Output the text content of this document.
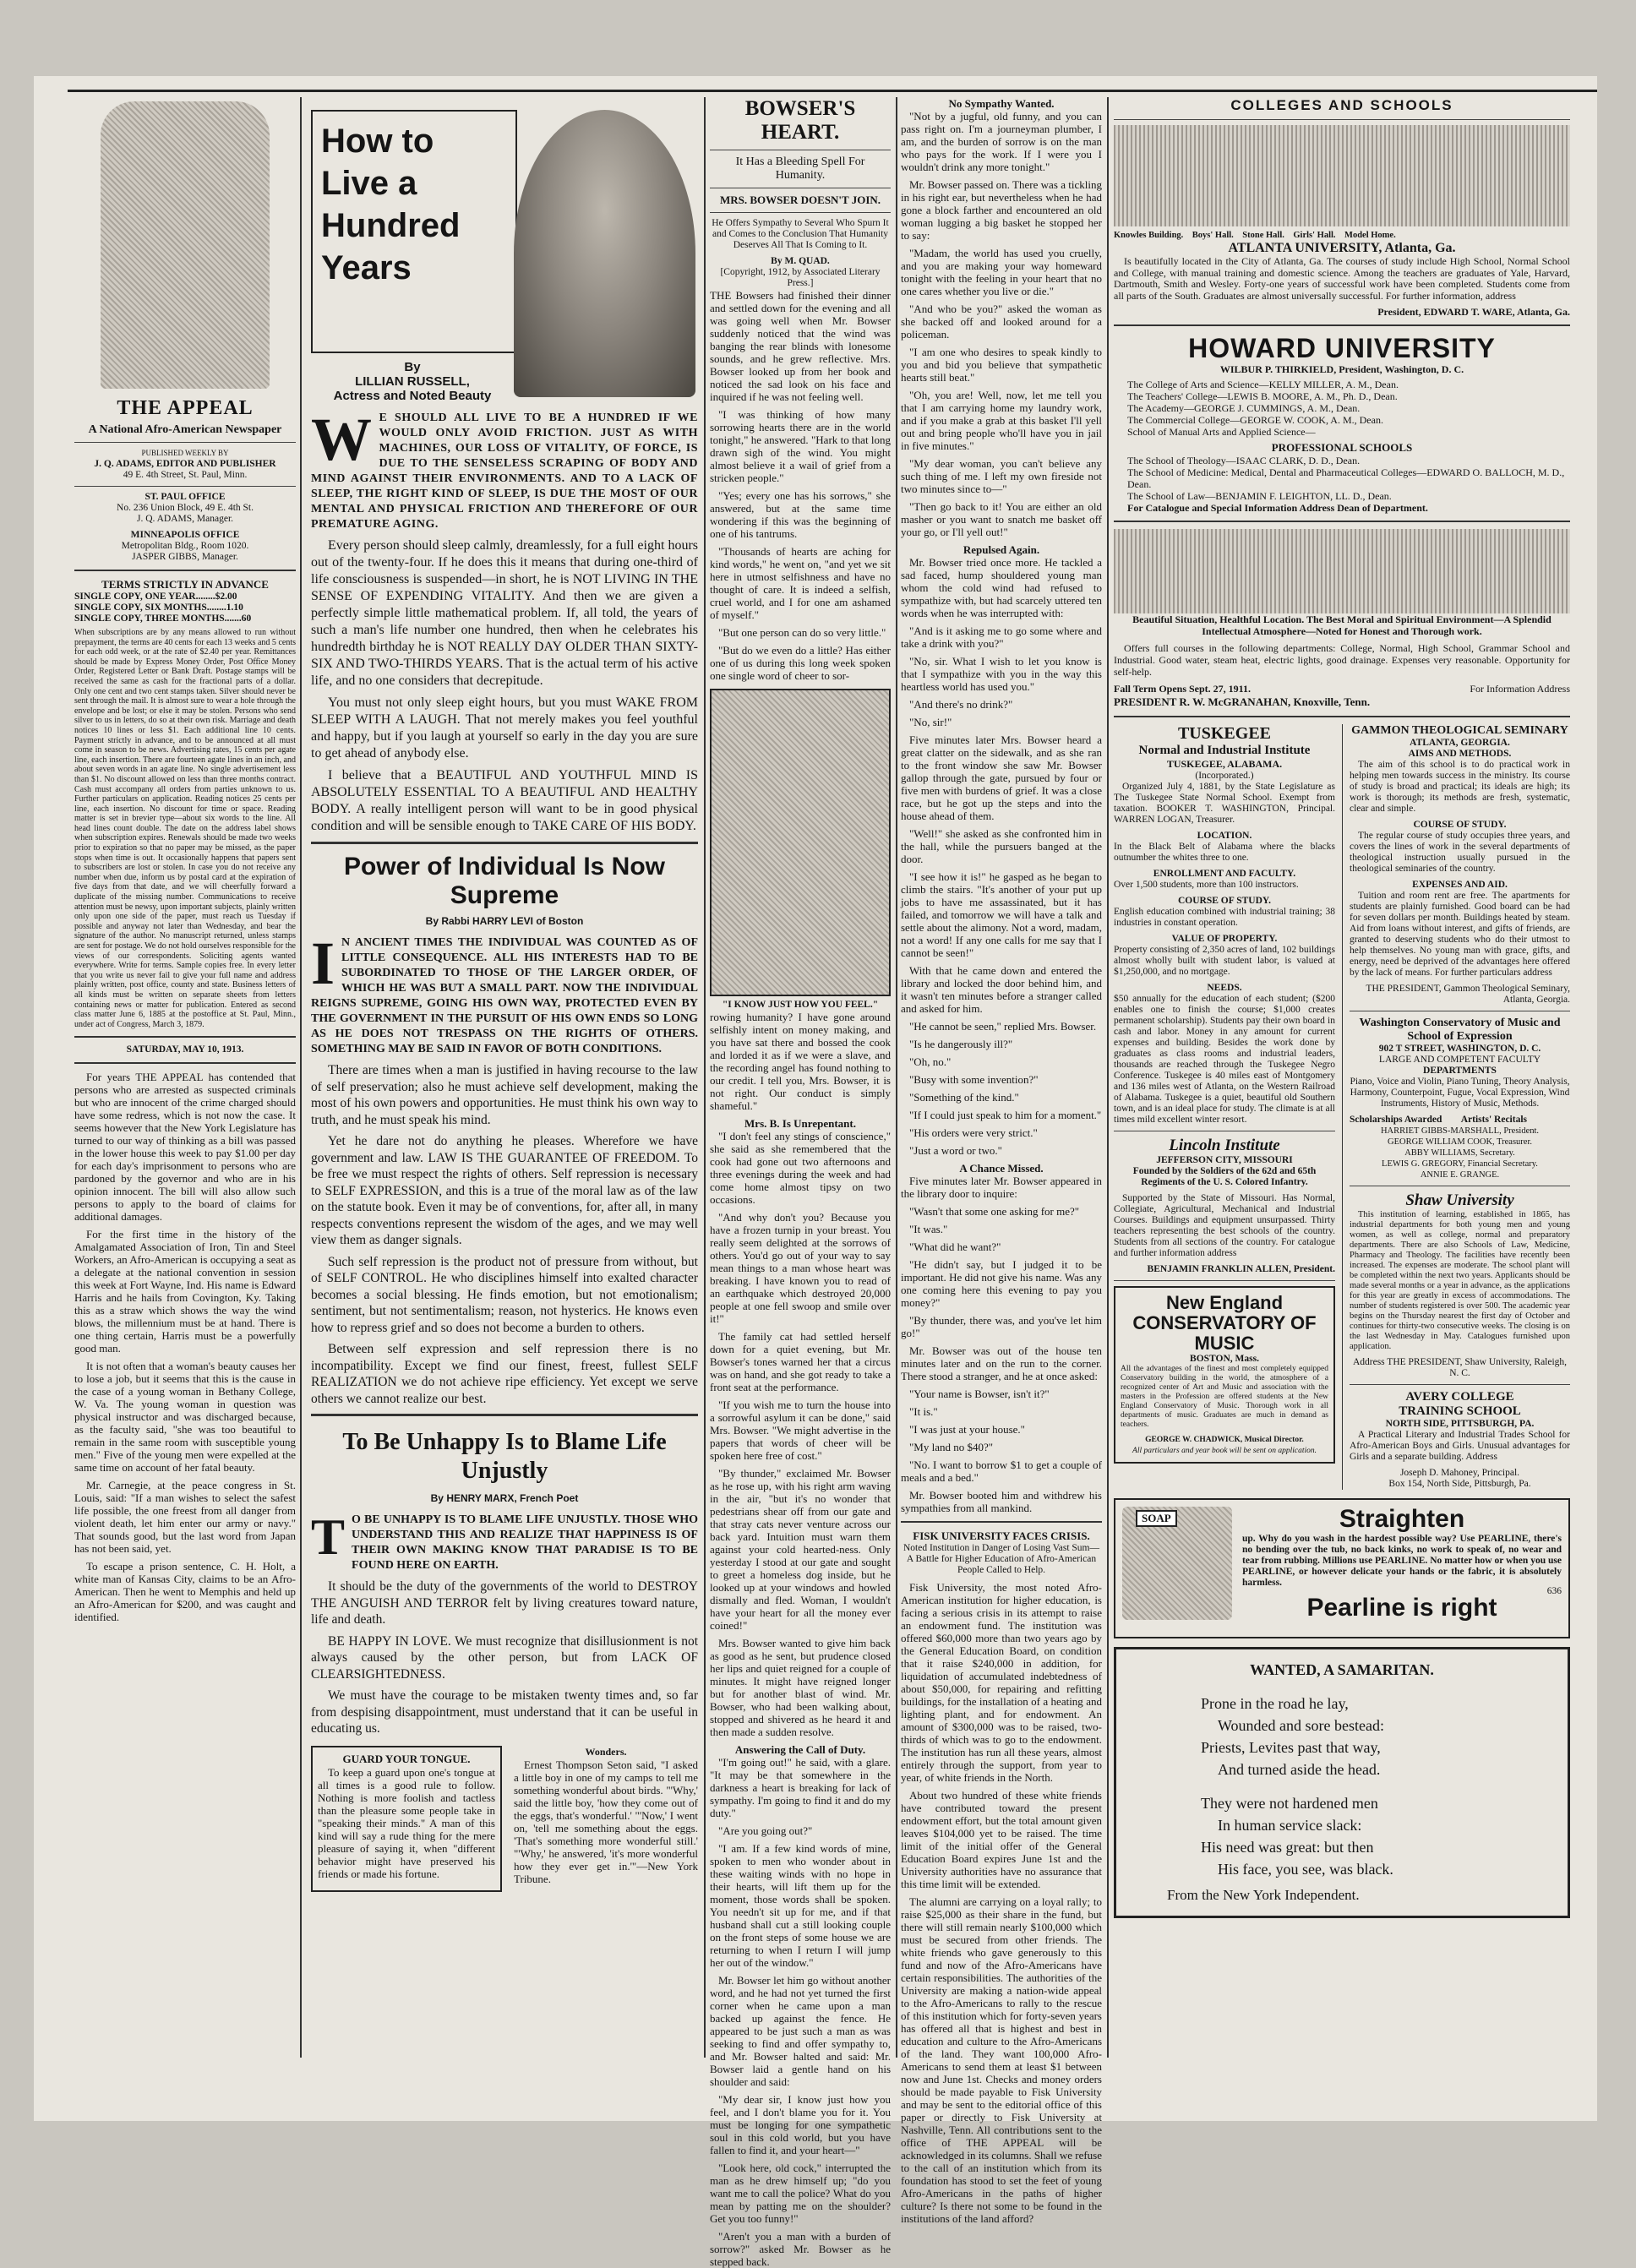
THE APPEAL
A National Afro-American Newspaper
PUBLISHED WEEKLY BY
J. Q. ADAMS, EDITOR AND PUBLISHER
49 E. 4th Street, St. Paul, Minn.
ST. PAUL OFFICE
No. 236 Union Block, 49 E. 4th St.
J. Q. ADAMS, Manager.
MINNEAPOLIS OFFICE
Metropolitan Bldg., Room 1020.
JASPER GIBBS, Manager.
TERMS STRICTLY IN ADVANCE
SINGLE COPY, ONE YEAR........$2.00
SINGLE COPY, SIX MONTHS........1.10
SINGLE COPY, THREE MONTHS.......60

When subscriptions are by any means allowed to run without prepayment, the terms are 40 cents for each 13 weeks and 5 cents for each odd week, or at the rate of $2.40 per year. Remittances should be made by Express Money Order, Post Office Money Order, Registered Letter or Bank Draft. Postage stamps will be received the same as cash for the fractional parts of a dollar. Only one cent and two cent stamps taken. Silver should never be sent through the mail. It is almost sure to wear a hole through the envelope and be lost; or else it may be stolen. Persons who send silver to us in letters, do so at their own risk. Marriage and death notices 10 lines or less $1. Each additional line 10 cents. Payment strictly in advance, and to be announced at all must come in season to be news. Advertising rates, 15 cents per agate line, each insertion. There are fourteen agate lines in an inch, and about seven words in an agate line. No single advertisement less than $1. No discount allowed on less than three months contract. Cash must accompany all orders from parties unknown to us. Further particulars on application. Reading notices 25 cents per line, each insertion. No discount for time or space. Reading matter is set in brevier type—about six words to the line. All head lines count double. The date on the address label shows when subscription expires. Renewals should be made two weeks prior to expiration so that no paper may be missed, as the paper stops when time is out. It occasionally happens that papers sent to subscribers are lost or stolen. In case you do not receive any number when due, inform us by postal card at the expiration of five days from that date, and we will cheerfully forward a duplicate of the missing number. Communications to receive attention must be newsy, upon important subjects, plainly written only upon one side of the paper, must reach us Tuesday if possible and anyway not later than Wednesday, and bear the signature of the author. No manuscript returned, unless stamps are sent for postage. We do not hold ourselves responsible for the views of our correspondents. Soliciting agents wanted everywhere. Write for terms. Sample copies free. In every letter that you write us never fail to give your full name and address plainly written, post office, county and state. Business letters of all kinds must be written on separate sheets from letters containing news or matter for publication. Entered as second class matter June 6, 1885 at the postoffice at St. Paul, Minn., under act of Congress, March 3, 1879.

SATURDAY, MAY 10, 1913.

For years THE APPEAL has contended that persons who are arrested as suspected criminals but who are innocent of the crime charged should have some redress, which is not now the case. It seems however that the New York Legislature has turned to our way of thinking as a bill was passed in the lower house this week to pay $1.00 per day for each day's imprisonment to persons who are pardoned by the governor and who are in his opinion innocent. The bill will also allow such persons to apply to the board of claims for additional damages.

For the first time in the history of the Amalgamated Association of Iron, Tin and Steel Workers, an Afro-American is occupying a seat as a delegate at the national convention in session this week at Fort Wayne, Ind. His name is Edward Harris and he hails from Covington, Ky. Taking this as a straw which shows the way the wind blows, the millennium must be at hand. There is one thing certain, Harris must be a powerfully good man.

It is not often that a woman's beauty causes her to lose a job, but it seems that this is the cause in the case of a young woman in Bethany College, W. Va. The young woman in question was physical instructor and was discharged because, as the faculty said, "she was too beautiful to remain in the same room with susceptible young men." Five of the young men were expelled at the same time on account of her fatal beauty.

Mr. Carnegie, at the peace congress in St. Louis, said: "If a man wishes to select the safest life possible, the one freest from all danger from violent death, let him enter our army or navy." That sounds good, but the last word from Japan has not been said, yet.

To escape a prison sentence, C. H. Holt, a white man of Kansas City, claims to be an Afro-American. Then he went to Memphis and held up an Afro-American for $200, and was caught and identified.

How to Live a Hundred Years
By
LILLIAN RUSSELL,
Actress and Noted Beauty

W E SHOULD ALL LIVE TO BE A HUNDRED IF WE WOULD ONLY AVOID FRICTION. JUST AS WITH MACHINES, OUR LOSS OF VITALITY, OF FORCE, IS DUE TO THE SENSELESS SCRAPING OF BODY AND MIND AGAINST THEIR ENVIRONMENTS. AND TO A LACK OF SLEEP, THE RIGHT KIND OF SLEEP, IS DUE THE MOST OF OUR MENTAL AND PHYSICAL FRICTION AND THEREFORE OF OUR PREMATURE AGING.

Every person should sleep calmly, dreamlessly, for a full eight hours out of the twenty-four. If he does this it means that during one-third of life consciousness is suspended—in short, he is NOT LIVING IN THE SENSE OF EXPENDING VITALITY. And then we are given a perfectly simple little mathematical problem. If, all told, the years of such a man's life number one hundred, then when he celebrates his hundredth birthday he is NOT REALLY DAY OLDER THAN SIXTY-SIX AND TWO-THIRDS YEARS. That is the actual term of his active life, and no one considers that decrepitude.

You must not only sleep eight hours, but you must WAKE FROM SLEEP WITH A LAUGH. That not merely makes you feel youthful and happy, but if you laugh at yourself so early in the day you are sure to get ahead of anybody else.

I believe that a BEAUTIFUL AND YOUTHFUL MIND IS ABSOLUTELY ESSENTIAL TO A BEAUTIFUL AND HEALTHY BODY. A really intelligent person will want to be in good physical condition and will be sensible enough to TAKE CARE OF HIS BODY.

Power of Individual Is Now Supreme
By Rabbi HARRY LEVI of Boston

I N ANCIENT TIMES THE INDIVIDUAL WAS COUNTED AS OF LITTLE CONSEQUENCE. ALL HIS INTERESTS HAD TO BE SUBORDINATED TO THOSE OF THE LARGER ORDER, OF WHICH HE WAS BUT A SMALL PART. NOW THE INDIVIDUAL REIGNS SUPREME, GOING HIS OWN WAY, PROTECTED EVEN BY THE GOVERNMENT IN THE PURSUIT OF HIS OWN ENDS SO LONG AS HE DOES NOT TRESPASS ON THE RIGHTS OF OTHERS. SOMETHING MAY BE SAID IN FAVOR OF BOTH CONDITIONS.

There are times when a man is justified in having recourse to the law of self preservation; also he must achieve self development, making the most of his own powers and opportunities. He must think his own way to truth, and he must speak his mind.

Yet he dare not do anything he pleases. Wherefore we have government and law. LAW IS THE GUARANTEE OF FREEDOM. To be free we must respect the rights of others. Self repression is necessary to SELF EXPRESSION, and this is a true of the moral law as of the law on the statute book. Even it may be of conventions, for, after all, in many respects conventions represent the wisdom of the ages, and we may well view them as danger signals.

Such self repression is the product not of pressure from without, but of SELF CONTROL. He who disciplines himself into exalted character becomes a social blessing. He finds emotion, but not emotionalism; sentiment, but not sentimentalism; reason, not hysterics. He knows even how to repress grief and so does not become a burden to others.

Between self expression and self repression there is no incompatibility. Except we find our finest, freest, fullest SELF REALIZATION we do not achieve ripe efficiency. Yet except we serve others we cannot realize our best.

To Be Unhappy Is to Blame Life Unjustly
By HENRY MARX, French Poet

T O BE UNHAPPY IS TO BLAME LIFE UNJUSTLY. THOSE WHO UNDERSTAND THIS AND REALIZE THAT HAPPINESS IS OF THEIR OWN MAKING KNOW THAT PARADISE IS TO BE FOUND HERE ON EARTH.

It should be the duty of the governments of the world to DESTROY THE ANGUISH AND TERROR felt by living creatures toward nature, life and death.

BE HAPPY IN LOVE. We must recognize that disillusionment is not always caused by the other person, but from LACK OF CLEARSIGHTEDNESS.

We must have the courage to be mistaken twenty times and, so far from despising disappointment, must understand that it can be useful in educating us.

GUARD YOUR TONGUE.

To keep a guard upon one's tongue at all times is a good rule to follow. Nothing is more foolish and tactless than the pleasure some people take in "speaking their minds." A man of this kind will say a rude thing for the mere pleasure of saying it, when "different behavior might have preserved his friends or made his fortune.

Wonders.

Ernest Thompson Seton said, "I asked a little boy in one of my camps to tell me something wonderful about birds. "'Why,' said the little boy, 'how they come out of the eggs, that's wonderful.' "'Now,' I went on, 'tell me something about the eggs. 'That's something more wonderful still.' "'Why,' he answered, 'it's more wonderful how they ever get in.'"—New York Tribune.

BOWSER'S HEART.
It Has a Bleeding Spell For Humanity.
MRS. BOWSER DOESN'T JOIN.

He Offers Sympathy to Several Who Spurn It and Comes to the Conclusion That Humanity Deserves All That Is Coming to It.

By M. QUAD.
[Copyright, 1912, by Associated Literary Press.]

THE Bowsers had finished their dinner and settled down for the evening and all was going well when Mr. Bowser suddenly noticed that the wind was banging the rear blinds with lonesome sounds, and he grew reflective. Mrs. Bowser looked up from her book and noticed the sad look on his face and inquired if he was not feeling well.

"I was thinking of how many sorrowing hearts there are in the world tonight," he answered. "Hark to that long drawn sigh of the wind. You might almost believe it a wail of grief from a stricken people."

"Yes; every one has his sorrows," she answered, but at the same time wondering if this was the beginning of one of his tantrums.

"Thousands of hearts are aching for kind words," he went on, "and yet we sit here in utmost selfishness and have no thought of care. It is indeed a selfish, cruel world, and I for one am ashamed of myself."

"But one person can do so very little."

"But do we even do a little? Has either one of us during this long week spoken one single word of cheer to sor-

"I KNOW JUST HOW YOU FEEL."

rowing humanity? I have gone around selfishly intent on money making, and you have sat there and bossed the cook and lorded it as if we were a slave, and the recording angel has found nothing to our credit. I tell you, Mrs. Bowser, it is not right. Our conduct is simply shameful."

Mrs. B. Is Unrepentant.

"I don't feel any stings of conscience," she said as she remembered that the cook had gone out two afternoons and three evenings during the week and had come home almost tipsy on two occasions.

"And why don't you? Because you have a frozen turnip in your breast. You really seem delighted at the sorrows of others. You'd go out of your way to say mean things to a man whose heart was breaking. I have known you to read of an earthquake which destroyed 20,000 people at one fell swoop and smile over it!"

The family cat had settled herself down for a quiet evening, but Mr. Bowser's tones warned her that a circus was on hand, and she got ready to take a front seat at the performance.

"If you wish me to turn the house into a sorrowful asylum it can be done," said Mrs. Bowser. "We might advertise in the papers that words of cheer will be spoken here free of cost."

"By thunder," exclaimed Mr. Bowser as he rose up, with his right arm waving in the air, "but it's no wonder that pedestrians shear off from our gate and that stray cats never venture across our back yard. Intuition must warn them against your cold hearted-ness. Only yesterday I stood at our gate and sought to greet a homeless dog inside, but he looked up at your windows and howled dismally and fled. Woman, I wouldn't have your heart for all the money ever coined!"

Mrs. Bowser wanted to give him back as good as he sent, but prudence closed her lips and quiet reigned for a couple of minutes. It might have reigned longer but for another blast of wind. Mr. Bowser, who had been walking about, stopped and shivered as he heard it and then made a sudden resolve.

Answering the Call of Duty.

"I'm going out!" he said, with a glare. "It may be that somewhere in the darkness a heart is breaking for lack of sympathy. I'm going to find it and do my duty."

"Are you going out?"

"I am. If a few kind words of mine, spoken to men who wonder about in these waiting winds with no hope in their hearts, will lift them up for the moment, those words shall be spoken. You needn't sit up for me, and if that husband shall cut a still looking couple on the front steps of some house we are returning to when I return I will jump her out of the window."

Mr. Bowser let him go without another word, and he had not yet turned the first corner when he came upon a man backed up against the fence. He appeared to be just such a man as was seeking to find and offer sympathy to, and Mr. Bowser halted and said: Mr. Bowser laid a gentle hand on his shoulder and said:

"My dear sir, I know just how you feel, and I don't blame you for it. You must be longing for one sympathetic soul in this cold world, but you have fallen to find it, and your heart—"

"Look here, old cock," interrupted the man as he drew himself up; "do you want me to call the police? What do you mean by patting me on the shoulder? Get you too funny!"

"Aren't you a man with a burden of sorrow?" asked Mr. Bowser as he stepped back.

No Sympathy Wanted.

"Not by a jugful, old funny, and you can pass right on. I'm a journeyman plumber, I am, and the burden of sorrow is on the man who pays for the work. If I were you I wouldn't drink any more tonight."

Mr. Bowser passed on. There was a tickling in his right ear, but nevertheless when he had gone a block farther and encountered an old woman lugging a big basket he stopped her to say:

"Madam, the world has used you cruelly, and you are making your way homeward tonight with the feeling in your heart that no one cares whether you live or die."

"And who be you?" asked the woman as she backed off and looked around for a policeman.

"I am one who desires to speak kindly to you and bid you believe that sympathetic hearts still beat."

"Oh, you are! Well, now, let me tell you that I am carrying home my laundry work, and if you make a grab at this basket I'll yell out and bring people who'll have you in jail in five minutes."

"My dear woman, you can't believe any such thing of me. I left my own fireside not two minutes since to—"

"Then go back to it! You are either an old masher or you want to snatch me basket off your go, or I'll yell out!"

Repulsed Again.

Mr. Bowser tried once more. He tackled a sad faced, hump shouldered young man whom the cold wind had refused to sympathize with, but had scarcely uttered ten words when he was interrupted with:

"And is it asking me to go some where and take a drink with you?"

"No, sir. What I wish to let you know is that I sympathize with you in the way this heartless world has used you."

"And there's no drink?"

"No, sir!"

Five minutes later Mrs. Bowser heard a great clatter on the sidewalk, and as she ran to the front window she saw Mr. Bowser gallop through the gate, pursued by four or five men with burdens of grief. It was a close race, but he got up the steps and into the house ahead of them.

"Well!" she asked as she confronted him in the hall, while the pursuers banged at the door.

"I see how it is!" he gasped as he began to climb the stairs. "It's another of your put up jobs to have me assassinated, but it has failed, and tomorrow we will have a talk and settle about the alimony. Not a word, madam, not a word! If any one calls for me say that I cannot be seen!"

With that he came down and entered the library and locked the door behind him, and it wasn't ten minutes before a stranger called and asked for him.

"He cannot be seen," replied Mrs. Bowser.

"Is he dangerously ill?"

"Oh, no."

"Busy with some invention?"

"Something of the kind."

"If I could just speak to him for a moment."

"His orders were very strict."

"Just a word or two."

A Chance Missed.

Five minutes later Mr. Bowser appeared in the library door to inquire:

"Wasn't that some one asking for me?"

"It was."

"What did he want?"

"He didn't say, but I judged it to be important. He did not give his name. Was any one coming here this evening to pay you money?"

"By thunder, there was, and you've let him go!"

Mr. Bowser was out of the house ten minutes later and on the run to the corner. There stood a stranger, and he at once asked:

"Your name is Bowser, isn't it?"

"It is."

"I was just at your house."

"My land no $40?"

"No. I want to borrow $1 to get a couple of meals and a bed."

Mr. Bowser booted him and withdrew his sympathies from all mankind.

FISK UNIVERSITY FACES CRISIS.

Noted Institution in Danger of Losing Vast Sum—A Battle for Higher Education of Afro-American People Called to Help.

Fisk University, the most noted Afro-American institution for higher education, is facing a serious crisis in its attempt to raise an endowment fund. The institution was offered $60,000 more than two years ago by the General Education Board, on condition that it raise $240,000 in addition, for liquidation of accumulated indebtedness of about $50,000, for repairing and refitting buildings, for the installation of a heating and lighting plant, and for endowment. An amount of $300,000 was to be raised, two-thirds of which was to go to the endowment. The institution has run all these years, almost entirely through the support, from year to year, of white friends in the North.

About two hundred of these white friends have contributed toward the present endowment effort, but the total amount given leaves $104,000 yet to be raised. The time limit of the initial offer of the General Education Board expires June 1st and the University authorities have no assurance that this time limit will be extended.

The alumni are carrying on a loyal rally; to raise $25,000 as their share in the fund, but there will still remain nearly $100,000 which must be secured from other friends. The white friends who gave generously to this fund and now of the Afro-Americans have certain responsibilities. The authorities of the University are making a nation-wide appeal to the Afro-Americans to rally to the rescue of this institution which for forty-seven years has offered all that is highest and best in education and culture to the Afro-Americans of the land. They want 100,000 Afro-Americans to send them at least $1 between now and June 1st. Checks and money orders should be made payable to Fisk University and may be sent to the editorial office of this paper or directly to Fisk University at Nashville, Tenn. All contributions sent to the office of THE APPEAL will be acknowledged in its columns. Shall we refuse to the call of an institution which from its foundation has stood to set the feet of young Afro-Americans in the paths of higher culture? Is there not some to be found in the institutions of the land afford?

COLLEGES AND SCHOOLS
Knowles Building.    Boys' Hall.    Stone Hall.    Girls' Hall.    Model Home.
ATLANTA UNIVERSITY, Atlanta, Ga.

Is beautifully located in the City of Atlanta, Ga. The courses of study include High School, Normal School and College, with manual training and domestic science. Among the teachers are graduates of Yale, Harvard, Dartmouth, Smith and Wesley. Forty-one years of successful work have been completed. Students come from all parts of the South. Graduates are almost universally successful. For further information, address

President, EDWARD T. WARE, Atlanta, Ga.
HOWARD UNIVERSITY
WILBUR P. THIRKIELD, President, Washington, D. C.
The College of Arts and Science—KELLY MILLER, A. M., Dean.
The Teachers' College—LEWIS B. MOORE, A. M., Ph. D., Dean.
The Academy—GEORGE J. CUMMINGS, A. M., Dean.
The Commercial College—GEORGE W. COOK, A. M., Dean.
School of Manual Arts and Applied Science—
PROFESSIONAL SCHOOLS
The School of Theology—ISAAC CLARK, D. D., Dean.
The School of Medicine: Medical, Dental and Pharmaceutical Colleges—EDWARD O. BALLOCH, M. D., Dean.
The School of Law—BENJAMIN F. LEIGHTON, LL. D., Dean.
For Catalogue and Special Information Address Dean of Department.

Beautiful Situation, Healthful Location. The Best Moral and Spiritual Environment—A Splendid Intellectual Atmosphere—Noted for Honest and Thorough work.

Offers full courses in the following departments: College, Normal, High School, Grammar School and Industrial. Good water, steam heat, electric lights, good drainage. Expenses very reasonable. Opportunity for self-help.

Fall Term Opens Sept. 27, 1911.	For Information Address
PRESIDENT R. W. McGRANAHAN, Knoxville, Tenn.
TUSKEGEE
Normal and Industrial Institute
TUSKEGEE, ALABAMA.
(Incorporated.)

Organized July 4, 1881, by the State Legislature as The Tuskegee State Normal School. Exempt from taxation. BOOKER T. WASHINGTON, Principal. WARREN LOGAN, Treasurer.

LOCATION.

In the Black Belt of Alabama where the blacks outnumber the whites three to one.

ENROLLMENT AND FACULTY.

Over 1,500 students, more than 100 instructors.

COURSE OF STUDY.

English education combined with industrial training; 38 industries in constant operation.

VALUE OF PROPERTY.

Property consisting of 2,350 acres of land, 102 buildings almost wholly built with student labor, is valued at $1,250,000, and no mortgage.

NEEDS.

$50 annually for the education of each student; ($200 enables one to finish the course; $1,000 creates permanent scholarship). Students pay their own board in cash and labor. Money in any amount for current expenses and building. Besides the work done by graduates as class rooms and industrial leaders, thousands are reached through the Tuskegee Negro Conference. Tuskegee is 40 miles east of Montgomery and 136 miles west of Atlanta, on the Western Railroad of Alabama. Tuskegee is a quiet, beautiful old Southern town, and is an ideal place for study. The climate is at all times mild excellent winter resort.

Lincoln Institute
JEFFERSON CITY, MISSOURI

Founded by the Soldiers of the 62d and 65th Regiments of the U. S. Colored Infantry.

Supported by the State of Missouri. Has Normal, Collegiate, Agricultural, Mechanical and Industrial Courses. Buildings and equipment unsurpassed. Thirty teachers representing the best schools of the country. Students from all sections of the country. For catalogue and further information address

BENJAMIN FRANKLIN ALLEN, President.
New England CONSERVATORY OF MUSIC
BOSTON, Mass.

All the advantages of the finest and most completely equipped Conservatory building in the world, the atmosphere of a recognized center of Art and Music and association with the masters in the Profession are offered students at the New England Conservatory of Music. Thorough work in all departments of music. Graduates are much in demand as teachers.

GEORGE W. CHADWICK, Musical Director.
All particulars and year book will be sent on application.
GAMMON THEOLOGICAL SEMINARY
ATLANTA, GEORGIA.
AIMS AND METHODS.

The aim of this school is to do practical work in helping men towards success in the ministry. Its course of study is broad and practical; its ideals are high; its work is thorough; its methods are fresh, systematic, clear and simple.

COURSE OF STUDY.

The regular course of study occupies three years, and covers the lines of work in the several departments of theological instruction usually pursued in the theological seminaries of the country.

EXPENSES AND AID.

Tuition and room rent are free. The apartments for students are plainly furnished. Good board can be had for seven dollars per month. Buildings heated by steam. Aid from loans without interest, and gifts of friends, are granted to deserving students who do their utmost to help themselves. No young man with grace, gifts, and energy, need be deprived of the advantages here offered by the lack of means. For further particulars address

THE PRESIDENT, Gammon Theological Seminary, Atlanta, Georgia.
Washington Conservatory of Music and School of Expression
902 T STREET, WASHINGTON, D. C.
LARGE AND COMPETENT FACULTY
DEPARTMENTS

Piano, Voice and Violin, Piano Tuning, Theory Analysis, Harmony, Counterpoint, Fugue, Vocal Expression, Wind Instruments, History of Music, Methods.

Scholarships Awarded        Artists' Recitals
HARRIET GIBBS-MARSHALL, President.
GEORGE WILLIAM COOK, Treasurer.
ABBY WILLIAMS, Secretary.
LEWIS G. GREGORY, Financial Secretary.
ANNIE E. GRANGE.
Shaw University

This institution of learning, established in 1865, has industrial departments for both young men and young women, as well as college, normal and preparatory departments. There are also Schools of Law, Medicine, Pharmacy and Theology. The facilities have recently been increased. The expenses are moderate. The school plant will be completed within the next two years. Applicants should be made several months or a year in advance, as the applications for this year are greatly in excess of accommodations. The number of students registered is over 500. The academic year begins on the Thursday nearest the first day of October and continues for thirty-two consecutive weeks. The closing is on the last Wednesday in May. Catalogues furnished upon application.

Address THE PRESIDENT, Shaw University, Raleigh, N. C.
AVERY COLLEGE
TRAINING SCHOOL
NORTH SIDE, PITTSBURGH, PA.

A Practical Literary and Industrial Trades School for Afro-American Boys and Girls. Unusual advantages for Girls and a separate building. Address

Joseph D. Mahoney, Principal.
Box 154, North Side, Pittsburgh, Pa.
SOAP	Straighten

up. Why do you wash in the hardest possible way? Use PEARLINE, there's no bending over the tub, no back kinks, no work to speak of, no wear and tear from rubbing. Millions use PEARLINE. No matter how or when you use PEARLINE, or however delicate your hands or the fabric, it is absolutely harmless.

636
Pearline is right
WANTED, A SAMARITAN.
Prone in the road he lay,
Wounded and sore bestead:
Priests, Levites past that way,
And turned aside the head.
They were not hardened men
In human service slack:
His need was great: but then
His face, you see, was black.
From the New York Independent.
